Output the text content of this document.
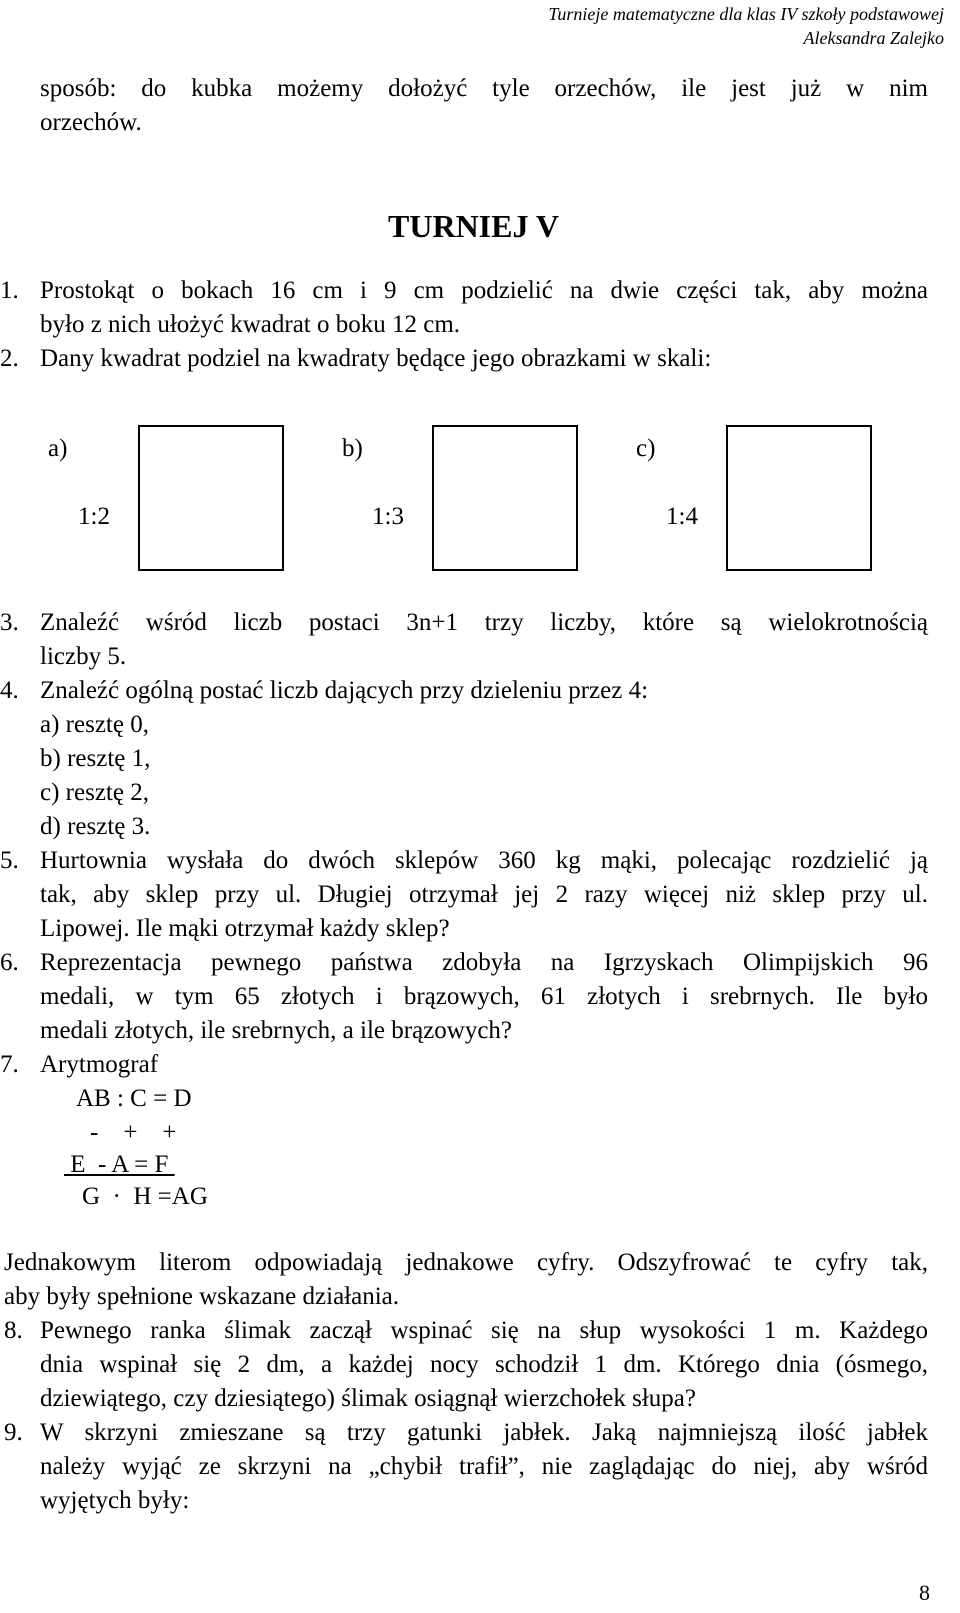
Turnieje matematyczne dla klas IV szkoły podstawowej
Aleksandra Zalejko
sposób: do kubka możemy dołożyć tyle orzechów, ile jest już w nim
orzechów.
TURNIEJ V
1. Prostokąt o bokach 16 cm i 9 cm podzielić na dwie części tak, aby można
było z nich ułożyć kwadrat o boku 12 cm.
2. Dany kwadrat podziel na kwadraty będące jego obrazkami w skali:
a)
1:2
b)
1:3
c)
1:4
3. Znaleźć wśród liczb postaci 3n+1 trzy liczby, które są wielokrotnością
liczby 5.
4. Znaleźć ogólną postać liczb dających przy dzieleniu przez 4:
a) resztę 0,
b) resztę 1,
c) resztę 2,
d) resztę 3.
5. Hurtownia wysłała do dwóch sklepów 360 kg mąki, polecając rozdzielić ją
tak, aby sklep przy ul. Długiej otrzymał jej 2 razy więcej niż sklep przy ul.
Lipowej. Ile mąki otrzymał każdy sklep?
6. Reprezentacja pewnego państwa zdobyła na Igrzyskach Olimpijskich 96
medali, w tym 65 złotych i brązowych, 61 złotych i srebrnych. Ile było
medali złotych, ile srebrnych, a ile brązowych?
7. Arytmograf
AB : C = D
-    +    +
E  - A = F
G  ·  H =AG
Jednakowym literom odpowiadają jednakowe cyfry. Odszyfrować te cyfry tak,
aby były spełnione wskazane działania.
8. Pewnego ranka ślimak zaczął wspinać się na słup wysokości 1 m. Każdego
dnia wspinał się 2 dm, a każdej nocy schodził 1 dm. Którego dnia (ósmego,
dziewiątego, czy dziesiątego) ślimak osiągnął wierzchołek słupa?
9. W skrzyni zmieszane są trzy gatunki jabłek. Jaką najmniejszą ilość jabłek
należy wyjąć ze skrzyni na „chybił trafił”, nie zaglądając do niej, aby wśród
wyjętych były:
8
